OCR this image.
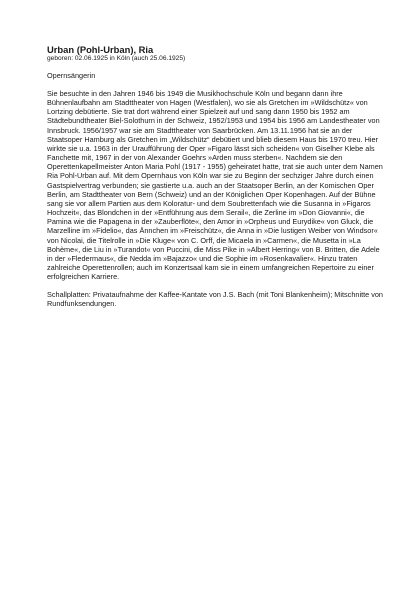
Urban (Pohl-Urban), Ria

geboren: 02.06.1925 in Köln (auch 25.06.1925)

Opernsängerin

Sie besuchte in den Jahren 1946 bis 1949 die Musikhochschule Köln und begann dann ihre Bühnenlaufbahn am Stadttheater von Hagen (Westfalen), wo sie als Gretchen im »Wildschütz« von Lortzing debütierte. Sie trat dort während einer Spielzeit auf und sang dann 1950 bis 1952 am Städtebundtheater Biel-Solothurn in der Schweiz, 1952/1953 und 1954 bis 1956 am Landestheater von Innsbruck. 1956/1957 war sie am Stadttheater von Saarbrücken. Am 13.11.1956 hat sie an der Staatsoper Hamburg als Gretchen im „Wildschütz“ debütiert und blieb diesem Haus bis 1970 treu. Hier wirkte sie u.a. 1963 in der Uraufführung der Oper »Figaro lässt sich scheiden« von Giselher Klebe als Fanchette mit, 1967 in der von Alexander Goehrs »Arden muss sterben«. Nachdem sie den Operettenkapellmeister Anton Maria Pohl (1917 - 1955) geheiratet hatte, trat sie auch unter dem Namen Ria Pohl-Urban auf. Mit dem Opernhaus von Köln war sie zu Beginn der sechziger Jahre durch einen Gastspielvertrag verbunden; sie gastierte u.a. auch an der Staatsoper Berlin, an der Komischen Oper Berlin, am Stadttheater von Bern (Schweiz) und an der Königlichen Oper Kopenhagen. Auf der Bühne sang sie vor allem Partien aus dem Koloratur- und dem Soubrettenfach wie die Susanna in »Figaros Hochzeit«, das Blondchen in der »Entführung aus dem Serail«, die Zerline im »Don Giovanni«, die Pamina wie die Papagena in der »Zauberflöte«, den Amor in »Orpheus und Eurydike« von Gluck, die Marzelline im »Fidelio«, das Ännchen im »Freischütz«, die Anna in »Die lustigen Weiber von Windsor« von Nicolai, die Titelrolle in »Die Kluge« von C. Orff, die Micaela in »Carmen«, die Musetta in »La Bohème«, die Liu in »Turandot« von Puccini, die Miss Pike in »Albert Herring« von B. Britten, die Adele in der »Fledermaus«, die Nedda im »Bajazzo« und die Sophie im »Rosenkavalier«. Hinzu traten zahlreiche Operettenrollen; auch im Konzertsaal kam sie in einem umfangreichen Repertoire zu einer erfolgreichen Karriere.

Schallplatten: Privataufnahme der Kaffee-Kantate von J.S. Bach (mit Toni Blankenheim); Mitschnitte von Rundfunksendungen.
